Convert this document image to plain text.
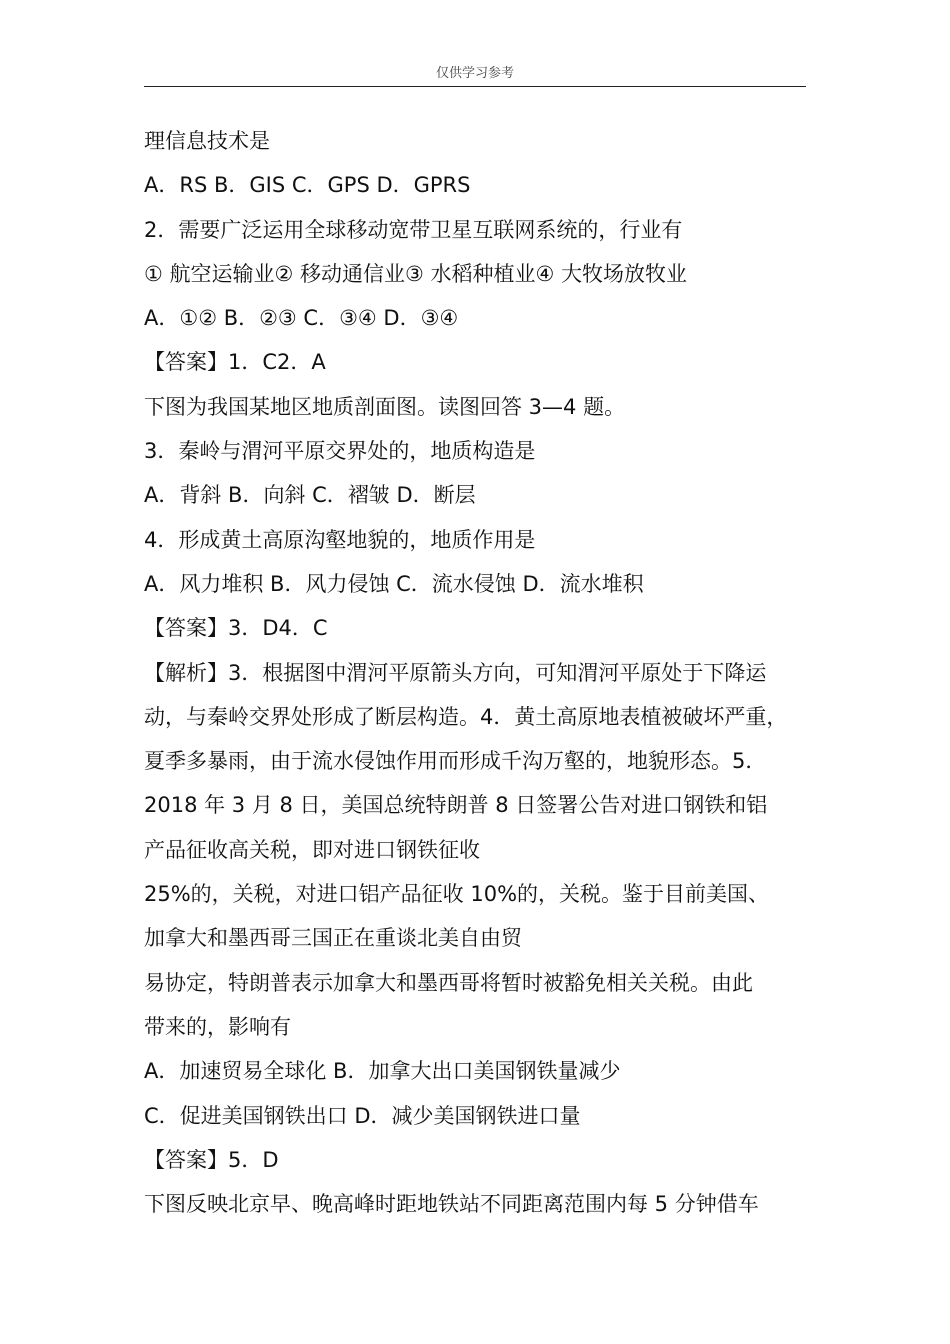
仅供学习参考
理信息技术是
A．RS B．GIS C．GPS D．GPRS
2．需要广泛运用全球移动宽带卫星互联网系统的，行业有
① 航空运输业② 移动通信业③ 水稻种植业④ 大牧场放牧业
A．①② B．②③ C．③④ D．③④
【答案】1．C2．A
下图为我国某地区地质剖面图。读图回答 3—4 题。
3．秦岭与渭河平原交界处的，地质构造是
A．背斜 B．向斜 C．褶皱 D．断层
4．形成黄土高原沟壑地貌的，地质作用是
A．风力堆积 B．风力侵蚀 C．流水侵蚀 D．流水堆积
【答案】3．D4．C
【解析】3．根据图中渭河平原箭头方向，可知渭河平原处于下降运
动，与秦岭交界处形成了断层构造。4．黄土高原地表植被破坏严重，
夏季多暴雨，由于流水侵蚀作用而形成千沟万壑的，地貌形态。5．
2018 年 3 月 8 日，美国总统特朗普 8 日签署公告对进口钢铁和铝
产品征收高关税，即对进口钢铁征收
25%的，关税，对进口铝产品征收 10%的，关税。鉴于目前美国、
加拿大和墨西哥三国正在重谈北美自由贸
易协定，特朗普表示加拿大和墨西哥将暂时被豁免相关关税。由此
带来的，影响有
A．加速贸易全球化 B．加拿大出口美国钢铁量减少
C．促进美国钢铁出口 D．减少美国钢铁进口量
【答案】5．D
下图反映北京早、晚高峰时距地铁站不同距离范围内每 5 分钟借车
